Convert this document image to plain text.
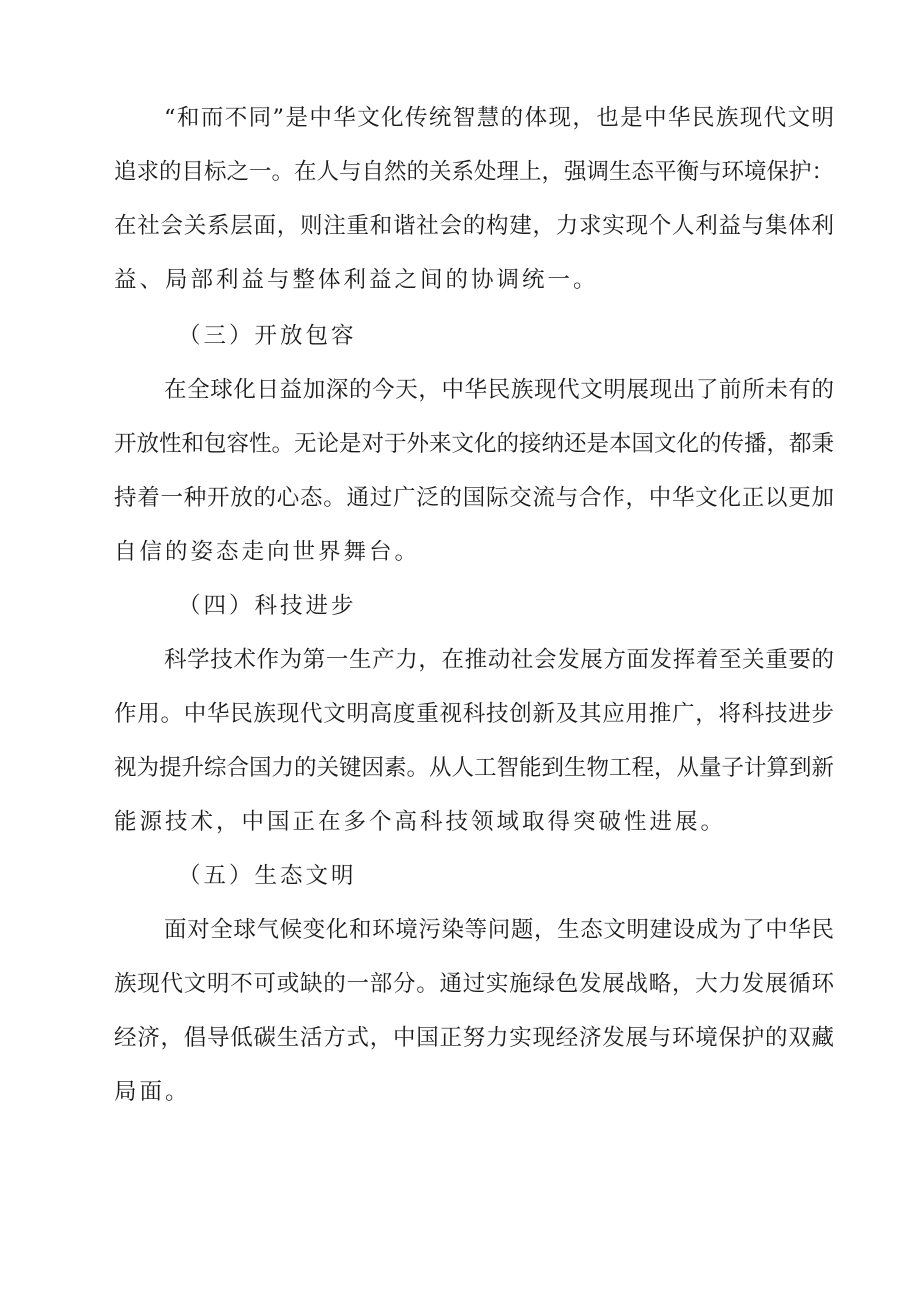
“和而不同”是中华文化传统智慧的体现，也是中华民族现代文明
追求的目标之一。在人与自然的关系处理上，强调生态平衡与环境保护：
在社会关系层面，则注重和谐社会的构建，力求实现个人利益与集体利
益、局部利益与整体利益之间的协调统一。
（三）开放包容
在全球化日益加深的今天，中华民族现代文明展现出了前所未有的
开放性和包容性。无论是对于外来文化的接纳还是本国文化的传播，都秉
持着一种开放的心态。通过广泛的国际交流与合作，中华文化正以更加
自信的姿态走向世界舞台。
（四）科技进步
科学技术作为第一生产力，在推动社会发展方面发挥着至关重要的
作用。中华民族现代文明高度重视科技创新及其应用推广，将科技进步
视为提升综合国力的关键因素。从人工智能到生物工程，从量子计算到新
能源技术，中国正在多个高科技领域取得突破性进展。
（五）生态文明
面对全球气候变化和环境污染等问题，生态文明建设成为了中华民
族现代文明不可或缺的一部分。通过实施绿色发展战略，大力发展循环
经济，倡导低碳生活方式，中国正努力实现经济发展与环境保护的双藏
局面。
